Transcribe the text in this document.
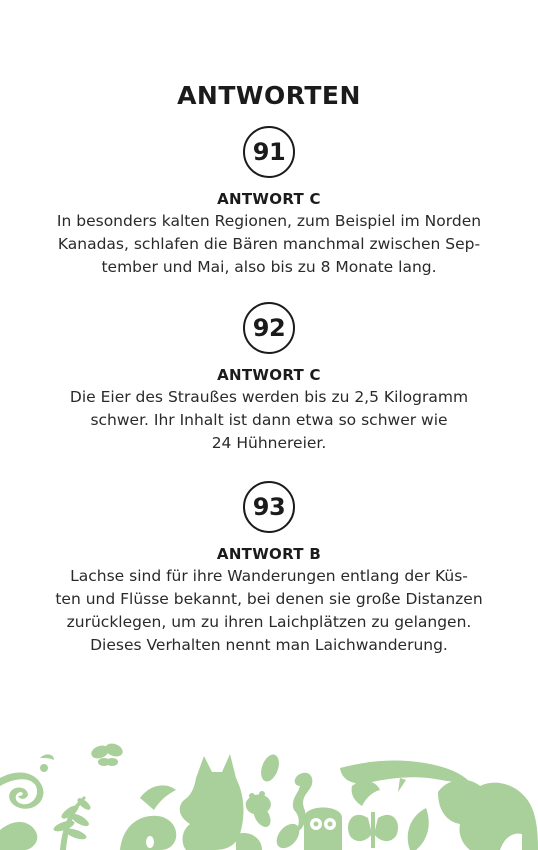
ANTWORTEN
91
ANTWORT C
In besonders kalten Regionen, zum Beispiel im Norden
Kanadas, schlafen die Bären manchmal zwischen Sep-
tember und Mai, also bis zu 8 Monate lang.
92
ANTWORT C
Die Eier des Straußes werden bis zu 2,5 Kilogramm
schwer. Ihr Inhalt ist dann etwa so schwer wie
24 Hühnereier.
93
ANTWORT B
Lachse sind für ihre Wanderungen entlang der Küs-
ten und Flüsse bekannt, bei denen sie große Distanzen
zurücklegen, um zu ihren Laichplätzen zu gelangen.
Dieses Verhalten nennt man Laichwanderung.
